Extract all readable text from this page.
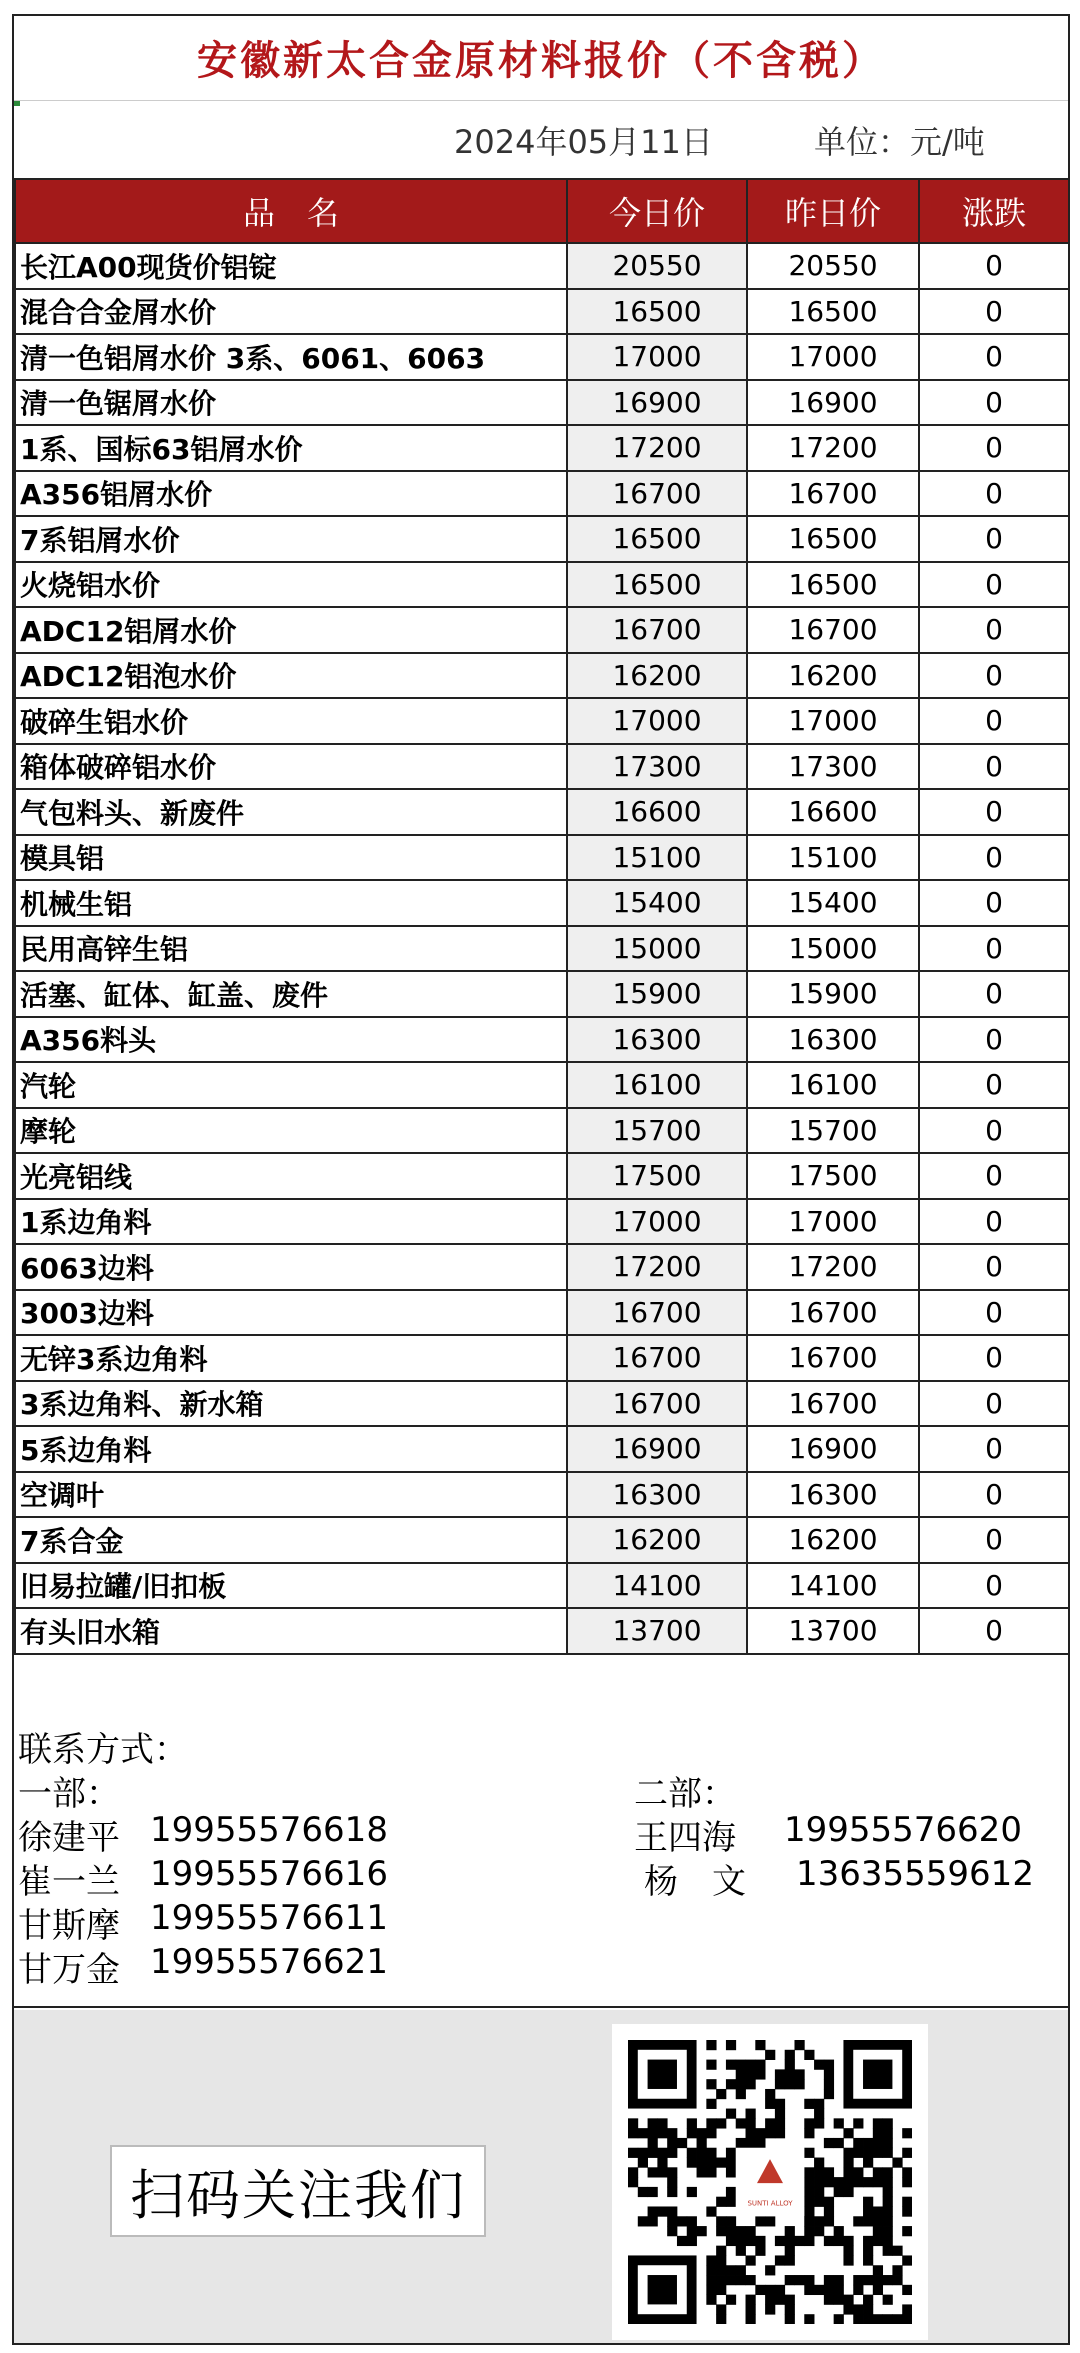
安徽新太合金原材料报价（不含税）
2024年05月11日	单位：元/吨
品　名	今日价	昨日价	涨跌
长江A00现货价铝锭	20550	20550	0
混合合金屑水价	16500	16500	0
清一色铝屑水价 3系、6061、6063	17000	17000	0
清一色锯屑水价	16900	16900	0
1系、国标63铝屑水价	17200	17200	0
A356铝屑水价	16700	16700	0
7系铝屑水价	16500	16500	0
火烧铝水价	16500	16500	0
ADC12铝屑水价	16700	16700	0
ADC12铝泡水价	16200	16200	0
破碎生铝水价	17000	17000	0
箱体破碎铝水价	17300	17300	0
气包料头、新废件	16600	16600	0
模具铝	15100	15100	0
机械生铝	15400	15400	0
民用高锌生铝	15000	15000	0
活塞、缸体、缸盖、废件	15900	15900	0
A356料头	16300	16300	0
汽轮	16100	16100	0
摩轮	15700	15700	0
光亮铝线	17500	17500	0
1系边角料	17000	17000	0
6063边料	17200	17200	0
3003边料	16700	16700	0
无锌3系边角料	16700	16700	0
3系边角料、新水箱	16700	16700	0
5系边角料	16900	16900	0
空调叶	16300	16300	0
7系合金	16200	16200	0
旧易拉罐/旧扣板	14100	14100	0
有头旧水箱	13700	13700	0
联系方式：
一部：	二部：
徐建平 19955576618
崔一兰 19955576616
甘斯摩 19955576611
甘万金 19955576621
王四海 19955576620
杨　文 13635559612
扫码关注我们	SUNTI ALLOY
